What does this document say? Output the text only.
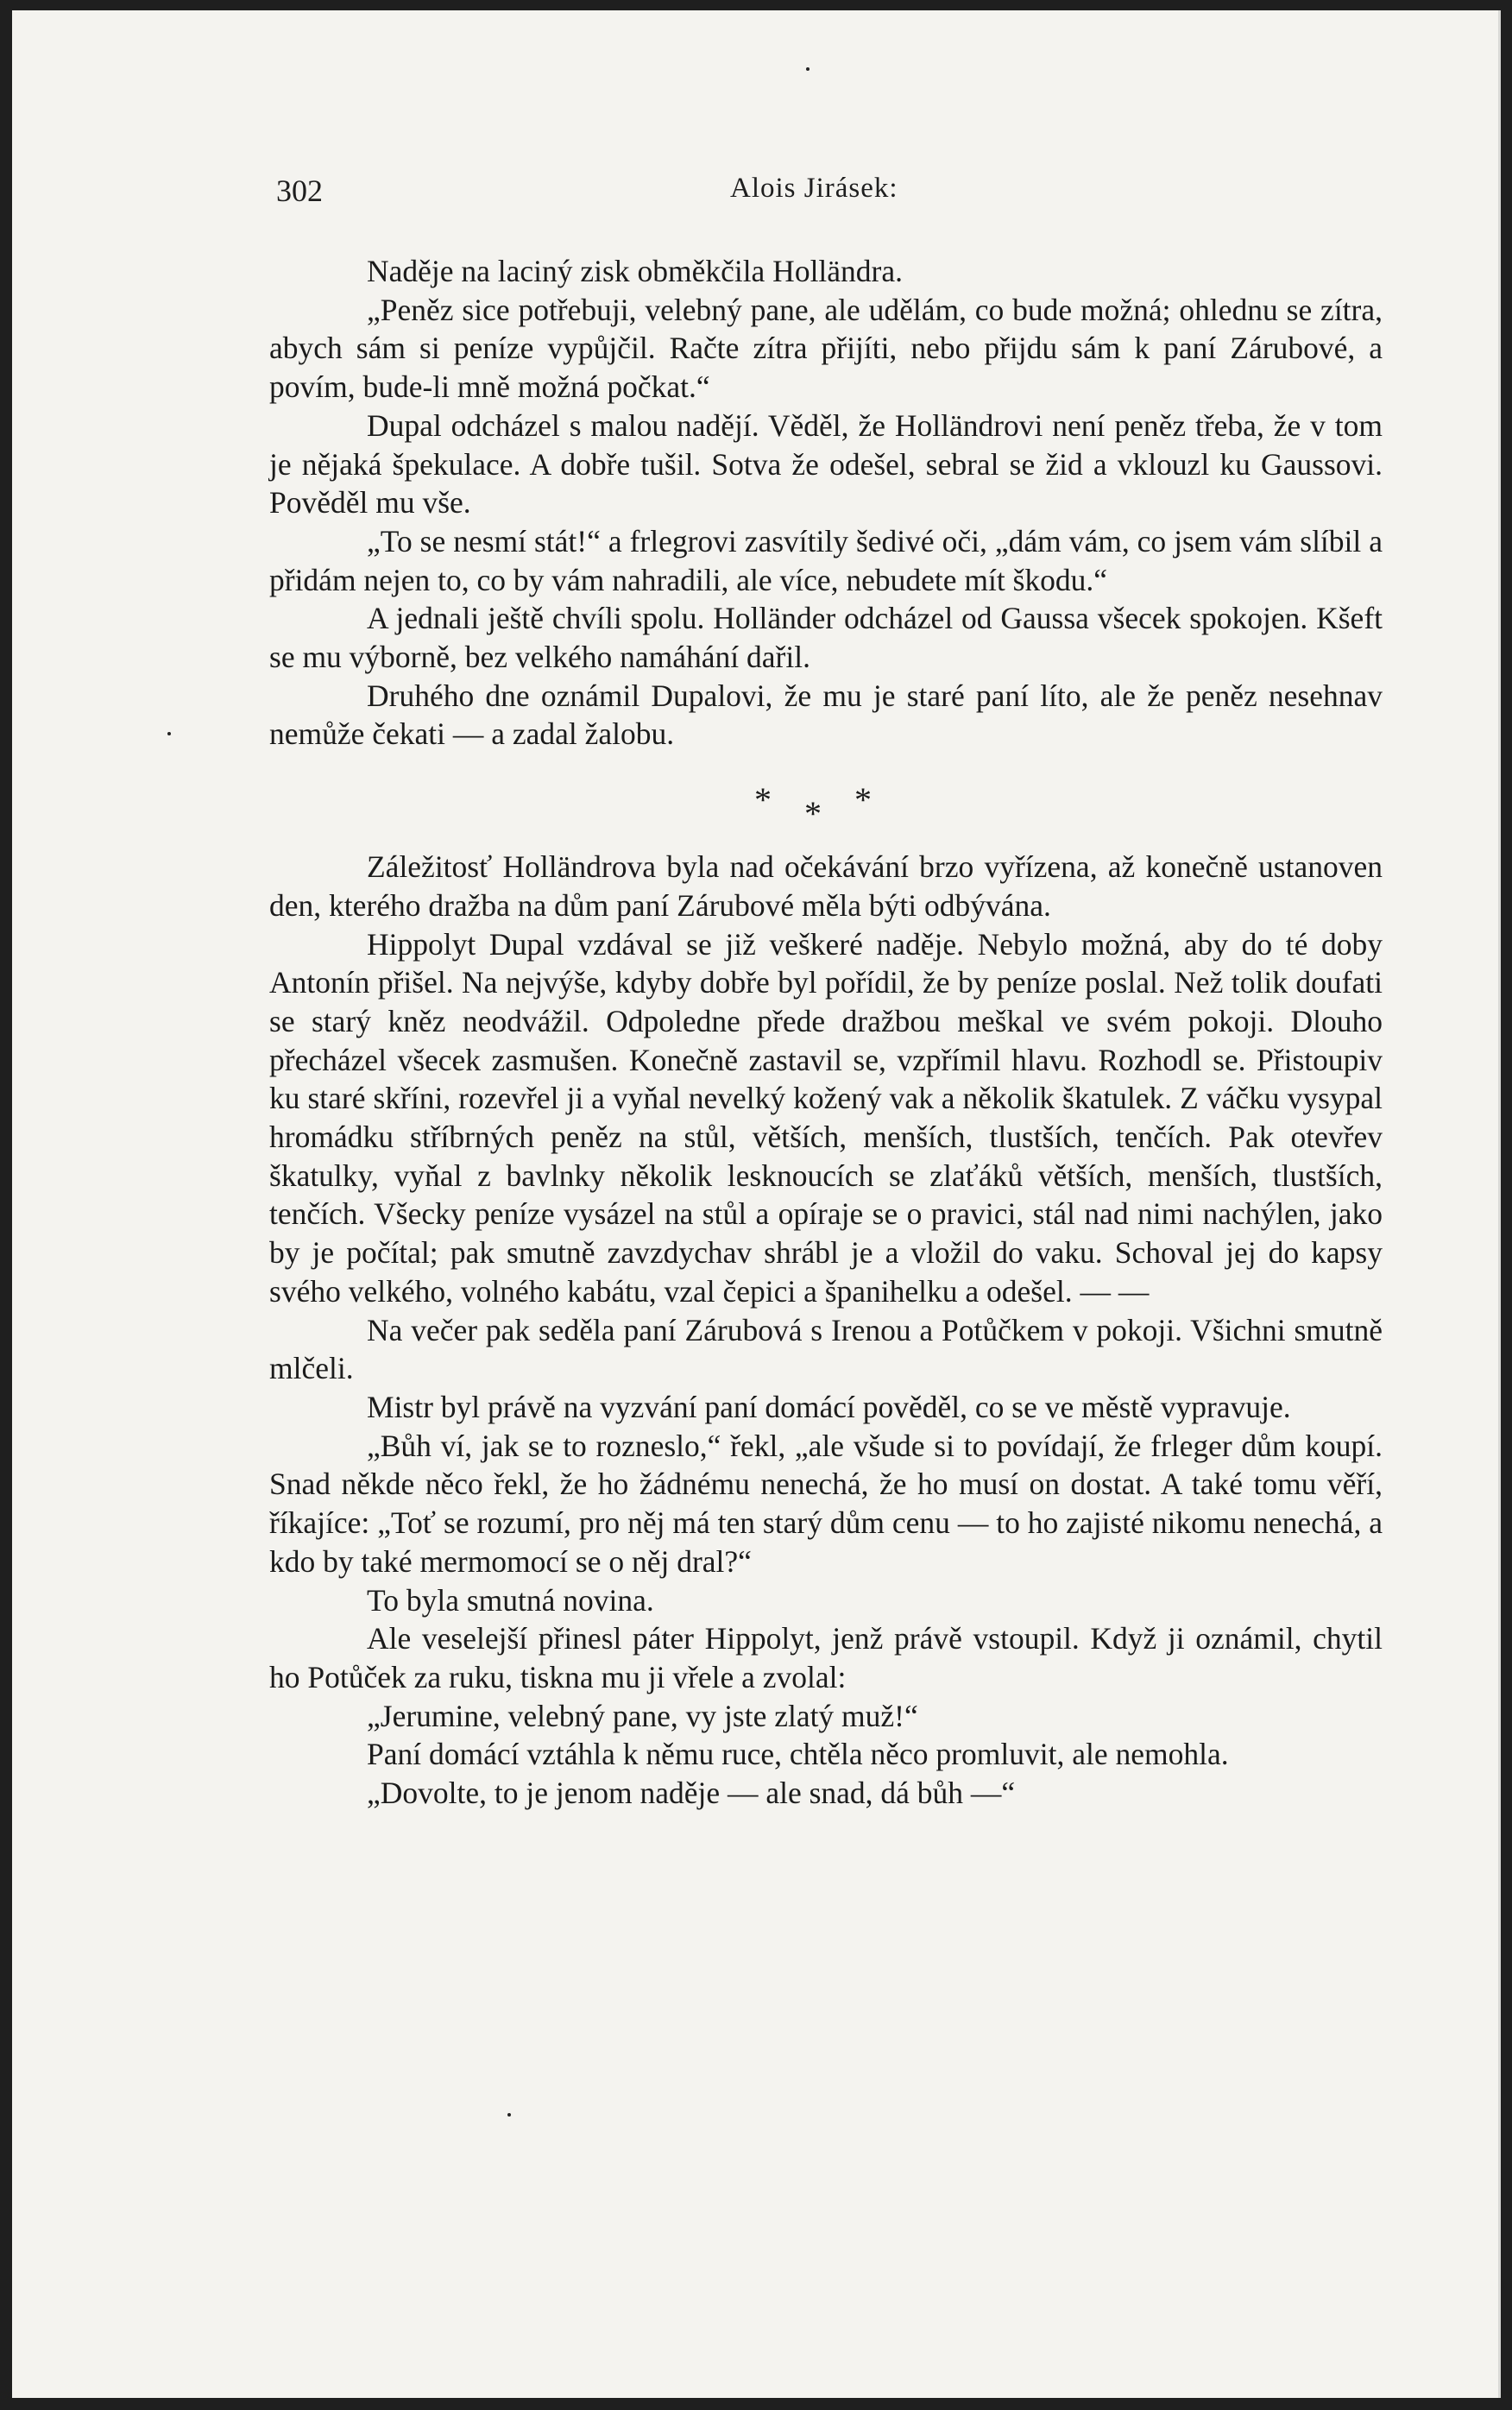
302	Alois Jirásek:

Naděje na laciný zisk obměkčila Holländra.

„Peněz sice potřebuji, velebný pane, ale udělám, co bude možná; ohlednu se zítra, abych sám si peníze vypůjčil. Račte zítra přijíti, nebo přijdu sám k paní Zárubové, a povím, bude-li mně možná počkat.“

Dupal odcházel s malou nadějí. Věděl, že Holländrovi není peněz třeba, že v tom je nějaká špekulace. A dobře tušil. Sotva že odešel, sebral se žid a vklouzl ku Gaussovi. Pověděl mu vše.

„To se nesmí stát!“ a frlegrovi zasvítily šedivé oči, „dám vám, co jsem vám slíbil a přidám nejen to, co by vám nahradili, ale více, nebudete mít škodu.“

A jednali ještě chvíli spolu. Holländer odcházel od Gaussa všecek spokojen. Kšeft se mu výborně, bez velkého namáhání dařil.

Druhého dne oznámil Dupalovi, že mu je staré paní líto, ale že peněz nesehnav nemůže čekati — a zadal žalobu.

* * *

Záležitosť Holländrova byla nad očekávání brzo vyřízena, až konečně ustanoven den, kterého dražba na dům paní Zárubové měla býti odbývána.

Hippolyt Dupal vzdával se již veškeré naděje. Nebylo možná, aby do té doby Antonín přišel. Na nejvýše, kdyby dobře byl pořídil, že by peníze poslal. Než tolik doufati se starý kněz neodvážil. Odpoledne přede dražbou meškal ve svém pokoji. Dlouho přecházel všecek zasmušen. Konečně zastavil se, vzpřímil hlavu. Rozhodl se. Přistoupiv ku staré skříni, rozevřel ji a vyňal nevelký kožený vak a několik škatulek. Z váčku vysypal hromádku stříbrných peněz na stůl, větších, menších, tlustších, tenčích. Pak otevřev škatulky, vyňal z bavlnky několik lesknoucích se zlaťáků větších, menších, tlustších, tenčích. Všecky peníze vysázel na stůl a opíraje se o pravici, stál nad nimi nachýlen, jako by je počítal; pak smutně zavzdychav shrábl je a vložil do vaku. Schoval jej do kapsy svého velkého, volného kabátu, vzal čepici a španihelku a odešel. — —

Na večer pak seděla paní Zárubová s Irenou a Potůčkem v pokoji. Všichni smutně mlčeli.

Mistr byl právě na vyzvání paní domácí pověděl, co se ve městě vypravuje.

„Bůh ví, jak se to rozneslo,“ řekl, „ale všude si to povídají, že frleger dům koupí. Snad někde něco řekl, že ho žádnému nenechá, že ho musí on dostat. A také tomu věří, říkajíce: „Toť se rozumí, pro něj má ten starý dům cenu — to ho zajisté nikomu nenechá, a kdo by také mermomocí se o něj dral?“

To byla smutná novina.

Ale veselejší přinesl páter Hippolyt, jenž právě vstoupil. Když ji oznámil, chytil ho Potůček za ruku, tiskna mu ji vřele a zvolal:

„Jerumine, velebný pane, vy jste zlatý muž!“

Paní domácí vztáhla k němu ruce, chtěla něco promluvit, ale nemohla.

„Dovolte, to je jenom naděje — ale snad, dá bůh —“
